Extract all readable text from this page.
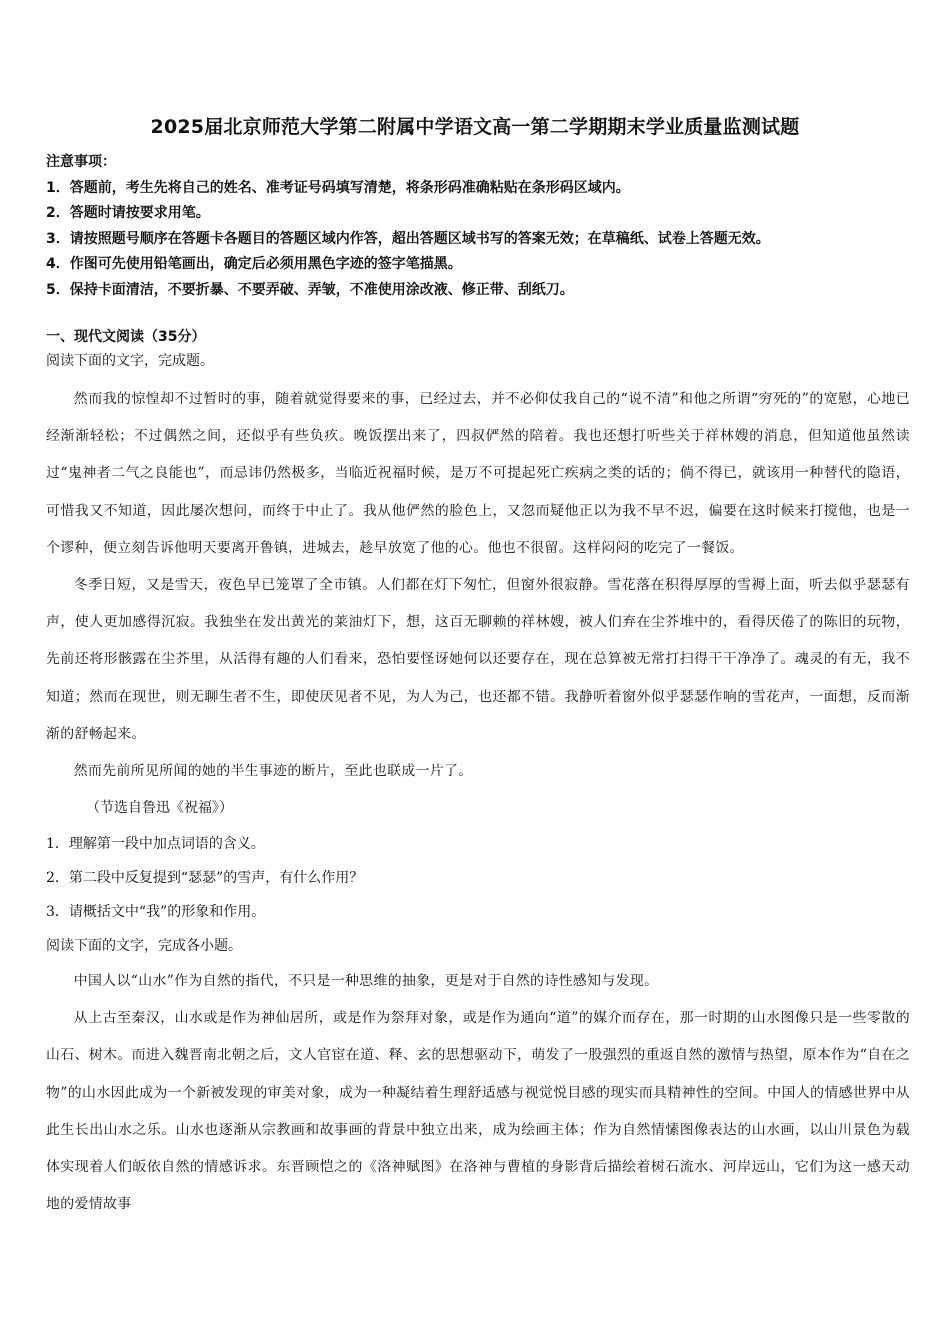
2025届北京师范大学第二附属中学语文高一第二学期期末学业质量监测试题
注意事项：
1．答题前，考生先将自己的姓名、准考证号码填写清楚，将条形码准确粘贴在条形码区域内。
2．答题时请按要求用笔。
3．请按照题号顺序在答题卡各题目的答题区域内作答，超出答题区域书写的答案无效；在草稿纸、试卷上答题无效。
4．作图可先使用铅笔画出，确定后必须用黑色字迹的签字笔描黑。
5．保持卡面清洁，不要折暴、不要弄破、弄皱，不准使用涂改液、修正带、刮纸刀。
一、现代文阅读（35分）

阅读下面的文字，完成题。

然而我的惊惶却不过暂时的事，随着就觉得要来的事，已经过去，并不必仰仗我自己的“说不清”和他之所谓“穷死的”的宽慰，心地已经渐渐轻松；不过偶然之间，还似乎有些负疚。晚饭摆出来了，四叔俨然的陪着。我也还想打听些关于祥林嫂的消息，但知道他虽然读过“鬼神者二气之良能也”，而忌讳仍然极多，当临近祝福时候，是万不可提起死亡疾病之类的话的；倘不得已，就该用一种替代的隐语，可惜我又不知道，因此屡次想问，而终于中止了。我从他俨然的脸色上，又忽而疑他正以为我不早不迟，偏要在这时候来打搅他，也是一个谬种，便立刻告诉他明天要离开鲁镇，进城去，趁早放宽了他的心。他也不很留。这样闷闷的吃完了一餐饭。

冬季日短，又是雪天，夜色早已笼罩了全市镇。人们都在灯下匆忙，但窗外很寂静。雪花落在积得厚厚的雪褥上面，听去似乎瑟瑟有声，使人更加感得沉寂。我独坐在发出黄光的莱油灯下，想，这百无聊赖的祥林嫂，被人们弃在尘芥堆中的，看得厌倦了的陈旧的玩物，先前还将形骸露在尘芥里，从活得有趣的人们看来，恐怕要怪讶她何以还要存在，现在总算被无常打扫得干干净净了。魂灵的有无，我不知道；然而在现世，则无聊生者不生，即使厌见者不见，为人为己，也还都不错。我静听着窗外似乎瑟瑟作响的雪花声，一面想，反而渐渐的舒畅起来。

然而先前所见所闻的她的半生事迹的断片，至此也联成一片了。

（节选自鲁迅《祝福》）

1．理解第一段中加点词语的含义。

2．第二段中反复提到“瑟瑟”的雪声，有什么作用？

3．请概括文中“我”的形象和作用。

阅读下面的文字，完成各小题。

中国人以“山水”作为自然的指代，不只是一种思维的抽象，更是对于自然的诗性感知与发现。

从上古至秦汉，山水或是作为神仙居所，或是作为祭拜对象，或是作为通向“道”的媒介而存在，那一时期的山水图像只是一些零散的山石、树木。而进入魏晋南北朝之后，文人官宦在道、释、玄的思想驱动下，萌发了一股强烈的重返自然的激情与热望，原本作为“自在之物”的山水因此成为一个新被发现的审美对象，成为一种凝结着生理舒适感与视觉悦目感的现实而具精神性的空间。中国人的情感世界中从此生长出山水之乐。山水也逐渐从宗教画和故事画的背景中独立出来，成为绘画主体；作为自然情愫图像表达的山水画，以山川景色为载体实现着人们皈依自然的情感诉求。东晋顾恺之的《洛神赋图》在洛神与曹植的身影背后描绘着树石流水、河岸远山，它们为这一感天动地的爱情故事
